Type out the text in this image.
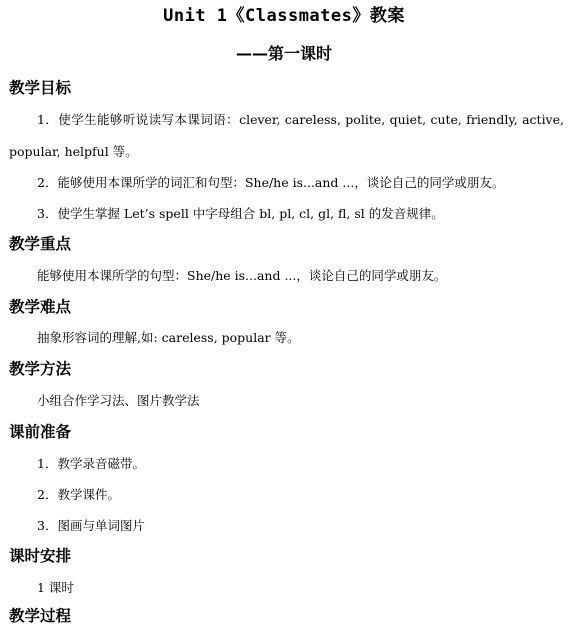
Unit 1《Classmates》教案
——第一课时
教学目标
1．使学生能够听说读写本课词语：clever, careless, polite, quiet, cute, friendly, active,
popular, helpful 等。
2．能够使用本课所学的词汇和句型：She/he is...and ...，谈论自己的同学或朋友。
3．使学生掌握 Let’s spell 中字母组合 bl, pl, cl, gl, fl, sl 的发音规律。
教学重点
能够使用本课所学的句型：She/he is...and ...，谈论自己的同学或朋友。
教学难点
抽象形容词的理解,如: careless, popular 等。
教学方法
小组合作学习法、图片教学法
课前准备
1．教学录音磁带。
2．教学课件。
3．图画与单词图片
课时安排
1 课时
教学过程
